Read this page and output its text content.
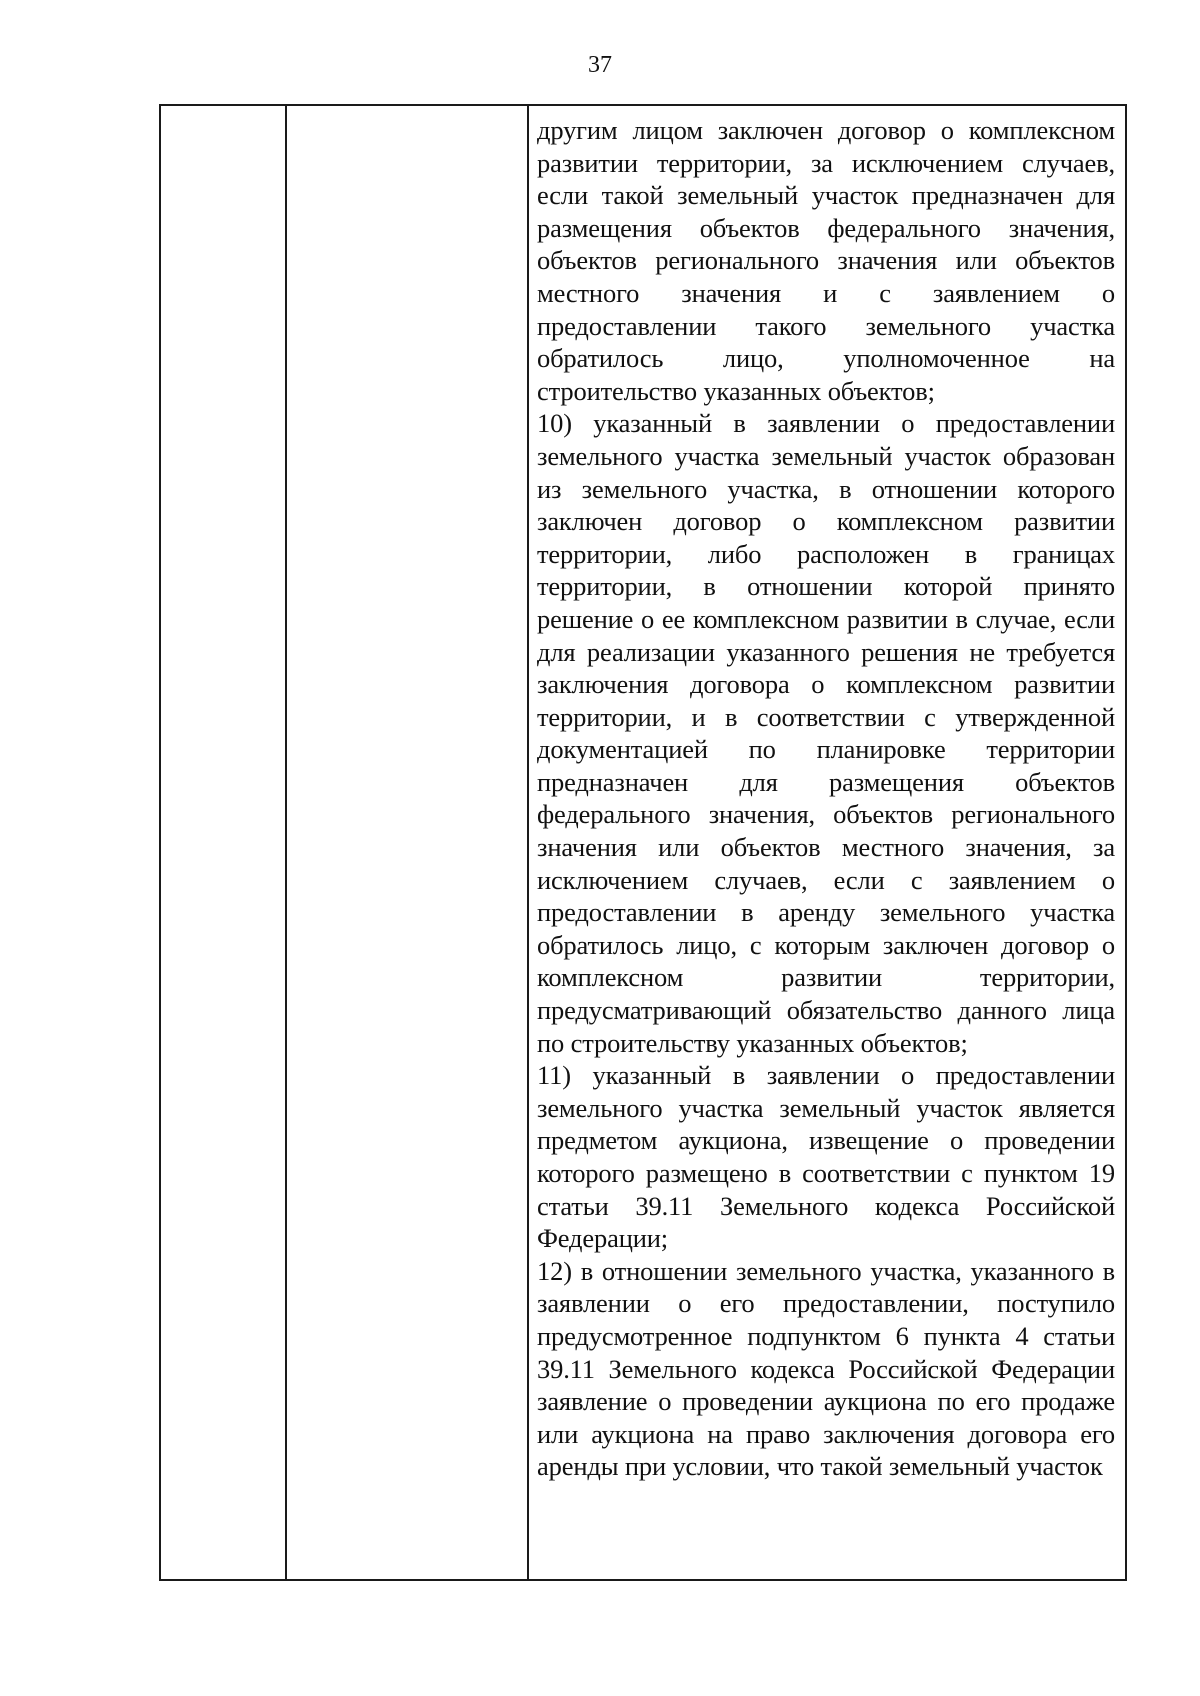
37

другим лицом заключен договор о комплексном развитии территории, за исключением случаев, если такой земельный участок предназначен для размещения объектов федерального значения, объектов регионального значения или объектов местного значения и с заявлением о предоставлении такого земельного участка обратилось лицо, уполномоченное на строительство указанных объектов;

10) указанный в заявлении о предоставлении земельного участка земельный участок образован из земельного участка, в отношении которого заключен договор о комплексном развитии территории, либо расположен в границах территории, в отношении которой принято решение о ее комплексном развитии в случае, если для реализации указанного решения не требуется заключения договора о комплексном развитии территории, и в соответствии с утвержденной документацией по планировке территории предназначен для размещения объектов федерального значения, объектов регионального значения или объектов местного значения, за исключением случаев, если с заявлением о предоставлении в аренду земельного участка обратилось лицо, с которым заключен договор о комплексном развитии территории, предусматривающий обязательство данного лица по строительству указанных объектов;

11) указанный в заявлении о предоставлении земельного участка земельный участок является предметом аукциона, извещение о проведении которого размещено в соответствии с пунктом 19 статьи 39.11 Земельного кодекса Российской Федерации;

12) в отношении земельного участка, указанного в заявлении о его предоставлении, поступило предусмотренное подпунктом 6 пункта 4 статьи 39.11 Земельного кодекса Российской Федерации заявление о проведении аукциона по его продаже или аукциона на право заключения договора его аренды при условии, что такой земельный участок
